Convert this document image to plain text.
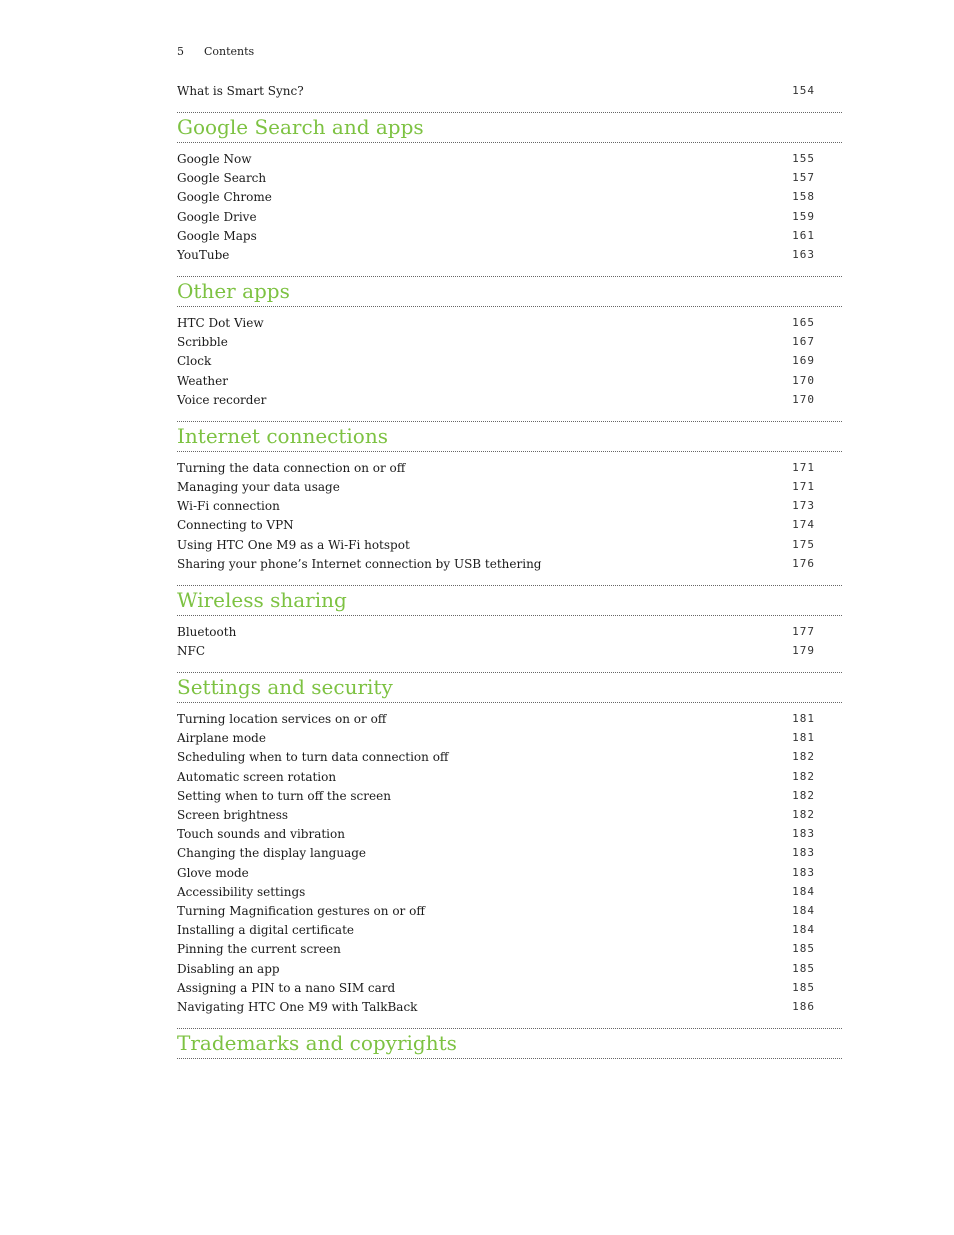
5 Contents
What is Smart Sync?	154
Google Search and apps
Google Now	155
Google Search	157
Google Chrome	158
Google Drive	159
Google Maps	161
YouTube	163
Other apps
HTC Dot View	165
Scribble	167
Clock	169
Weather	170
Voice recorder	170
Internet connections
Turning the data connection on or off	171
Managing your data usage	171
Wi-Fi connection	173
Connecting to VPN	174
Using HTC One M9 as a Wi-Fi hotspot	175
Sharing your phone’s Internet connection by USB tethering	176
Wireless sharing
Bluetooth	177
NFC	179
Settings and security
Turning location services on or off	181
Airplane mode	181
Scheduling when to turn data connection off	182
Automatic screen rotation	182
Setting when to turn off the screen	182
Screen brightness	182
Touch sounds and vibration	183
Changing the display language	183
Glove mode	183
Accessibility settings	184
Turning Magnification gestures on or off	184
Installing a digital certificate	184
Pinning the current screen	185
Disabling an app	185
Assigning a PIN to a nano SIM card	185
Navigating HTC One M9 with TalkBack	186
Trademarks and copyrights
